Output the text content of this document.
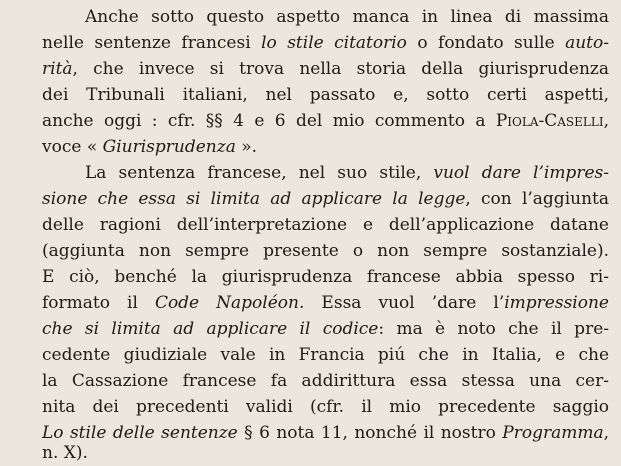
Anche sotto questo aspetto manca in linea di massima
nelle sentenze francesi lo stile citatorio o fondato sulle auto-
rità, che invece si trova nella storia della giurisprudenza
dei Tribunali italiani, nel passato e, sotto certi aspetti,
anche oggi : cfr. §§ 4 e 6 del mio commento a Piola-Caselli,
voce « Giurisprudenza ».
La sentenza francese, nel suo stile, vuol dare l’impres-
sione che essa si limita ad applicare la legge, con l’aggiunta
delle ragioni dell’interpretazione e dell’applicazione datane
(aggiunta non sempre presente o non sempre sostanziale).
E ciò, benché la giurisprudenza francese abbia spesso ri-
formato il Code Napoléon. Essa vuol ’dare l’impressione
che si limita ad applicare il codice: ma è noto che il pre-
cedente giudiziale vale in Francia piú che in Italia, e che
la Cassazione francese fa addirittura essa stessa una cer-
nita dei precedenti validi (cfr. il mio precedente saggio
Lo stile delle sentenze § 6 nota 11, nonché il nostro Programma,
n. X).
